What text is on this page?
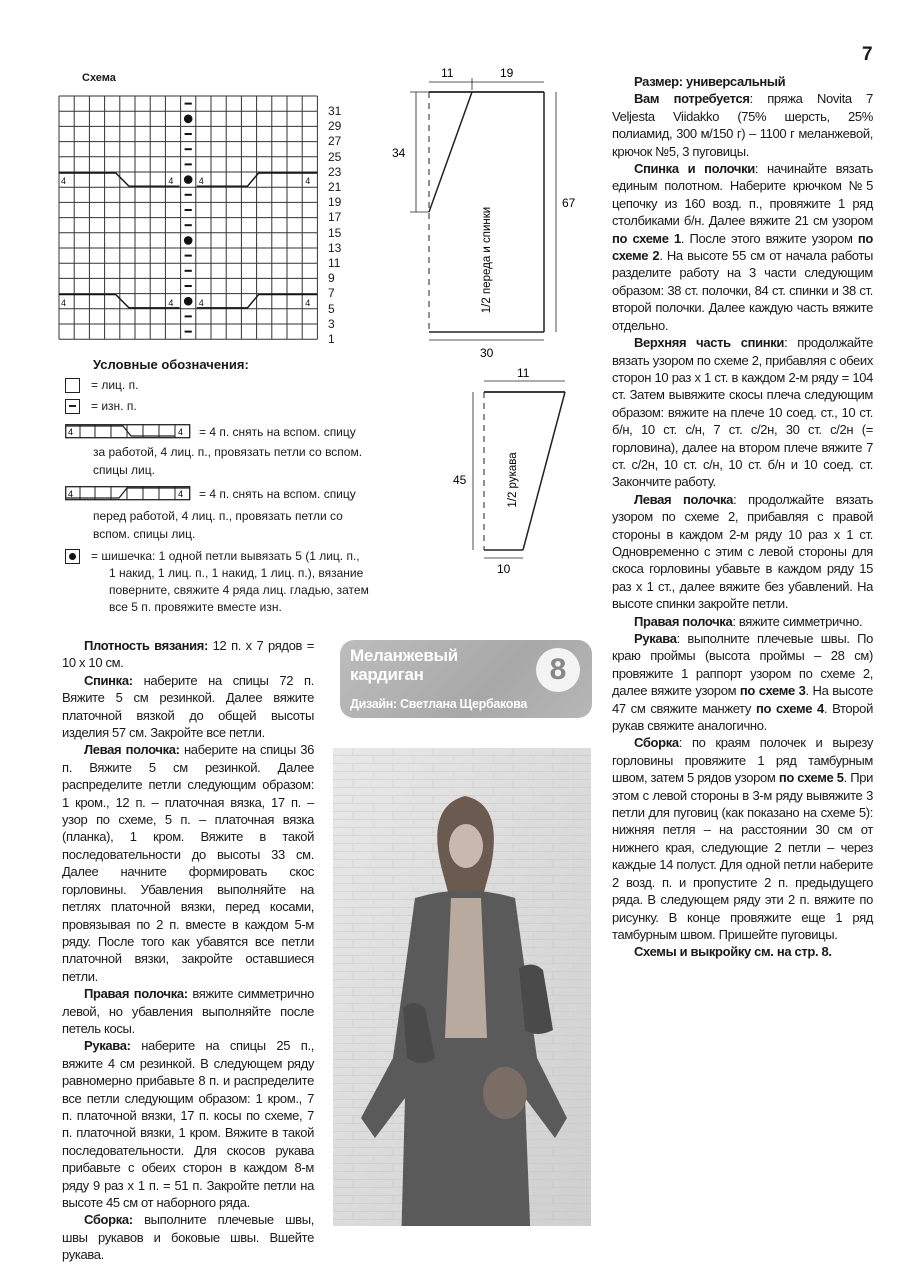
7
Схема
4	4	4	4
4	4	4	4
31
29
27
25
23
21
19
17
15
13
11
9
7
5
3
1
Условные обозначения:
= лиц. п.
= изн. п.
4	4 = 4 п. снять на вспом. спицу
за работой, 4 лиц. п., провязать петли со вспом.
спицы лиц.
4	4 = 4 п. снять на вспом. спицу
перед работой, 4 лиц. п., провязать петли со
вспом. спицы лиц.
= шишечка: 1 одной петли вывязать 5 (1 лиц. п.,
1 накид, 1 лиц. п., 1 накид, 1 лиц. п.), вязание
поверните, свяжите 4 ряда лиц. гладью, затем
все 5 п. провяжите вместе изн.
11	19
34
67
30
1/2 переда и спинки
11
45
10
1/2 рукава

Плотность вязания: 12 п. х 7 рядов = 10 х 10 см.

Спинка: наберите на спицы 72 п. Вяжите 5 см резинкой. Далее вяжите платочной вязкой до общей высоты изделия 57 см. Закройте все петли.

Левая полочка: наберите на спицы 36 п. Вяжите 5 см резинкой. Далее распределите петли следующим образом: 1 кром., 12 п. – платочная вязка, 17 п. – узор по схеме, 5 п. – платочная вязка (планка), 1 кром. Вяжите в такой последовательности до высоты 33 см. Далее начните формировать скос горловины. Убавления выполняйте на петлях платочной вязки, перед косами, провязывая по 2 п. вместе в каждом 5-м ряду. После того как убавятся все петли платочной вязки, закройте оставшиеся петли.

Правая полочка: вяжите симметрично левой, но убавления выполняйте после петель косы.

Рукава: наберите на спицы 25 п., вяжите 4 см резинкой. В следующем ряду равномерно прибавьте 8 п. и распределите все петли следующим образом: 1 кром., 7 п. платочной вязки, 17 п. косы по схеме, 7 п. платочной вязки, 1 кром. Вяжите в такой последовательности. Для скосов рукава прибавьте с обеих сторон в каждом 8-м ряду 9 раз х 1 п. = 51 п. Закройте петли на высоте 45 см от наборного ряда.

Сборка: выполните плечевые швы, швы рукавов и боковые швы. Вшейте рукава.

Меланжевый
кардиган
Дизайн: Светлана Щербакова
8

Размер: универсальный

Вам потребуется: пряжа Novita 7 Veljesta Viidakko (75% шерсть, 25% полиамид, 300 м/150 г) – 1100 г меланжевой, крючок №5, 3 пуговицы.

Спинка и полочки: начинайте вязать единым полотном. Наберите крючком №5 цепочку из 160 возд. п., провяжите 1 ряд столбиками б/н. Далее вяжите 21 см узором по схеме 1. После этого вяжите узором по схеме 2. На высоте 55 см от начала работы разделите работу на 3 части следующим образом: 38 ст. полочки, 84 ст. спинки и 38 ст. второй полочки. Далее каждую часть вяжите отдельно.

Верхняя часть спинки: продолжайте вязать узором по схеме 2, прибавляя с обеих сторон 10 раз х 1 ст. в каждом 2-м ряду = 104 ст. Затем вывяжите скосы плеча следующим образом: вяжите на плече 10 соед. ст., 10 ст. б/н, 10 ст. с/н, 7 ст. с/2н, 30 ст. с/2н (= горловина), далее на втором плече вяжите 7 ст. с/2н, 10 ст. с/н, 10 ст. б/н и 10 соед. ст. Закончите работу.

Левая полочка: продолжайте вязать узором по схеме 2, прибавляя с правой стороны в каждом 2-м ряду 10 раз х 1 ст. Одновременно с этим с левой стороны для скоса горловины убавьте в каждом ряду 15 раз х 1 ст., далее вяжите без убавлений. На высоте спинки закройте петли.

Правая полочка: вяжите симметрично.

Рукава: выполните плечевые швы. По краю проймы (высота проймы – 28 см) провяжите 1 раппорт узором по схеме 2, далее вяжите узором по схеме 3. На высоте 47 см свяжите манжету по схеме 4. Второй рукав свяжите аналогично.

Сборка: по краям полочек и вырезу горловины провяжите 1 ряд тамбурным швом, затем 5 рядов узором по схеме 5. При этом с левой стороны в 3-м ряду вывяжите 3 петли для пуговиц (как показано на схеме 5): нижняя петля – на расстоянии 30 см от нижнего края, следующие 2 петли – через каждые 14 полуст. Для одной петли наберите 2 возд. п. и пропустите 2 п. предыдущего ряда. В следующем ряду эти 2 п. вяжите по рисунку. В конце провяжите еще 1 ряд тамбурным швом. Пришейте пуговицы.

Схемы и выкройку см. на стр. 8.
